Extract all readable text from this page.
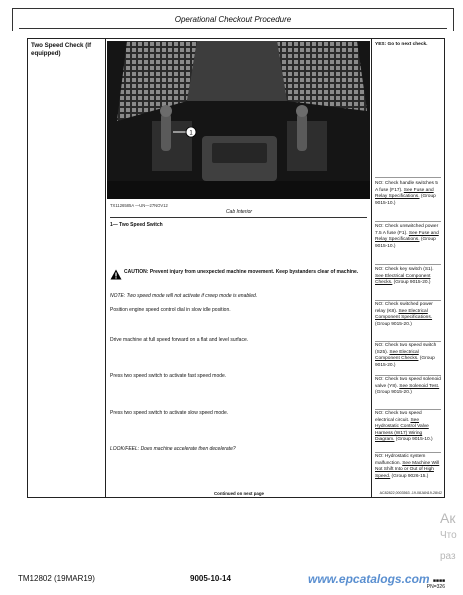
Operational Checkout Procedure
Two Speed Check (If equipped)
1
TX1126585A —UN—27NOV12
Cab Interior
1— Two Speed Switch
CAUTION: Prevent injury from unexpected machine movement. Keep bystanders clear of machine.
NOTE: Two speed mode will not activate if creep mode is enabled.
Position engine speed control dial in slow idle position.
Drive machine at full speed forward on a flat and level surface.
Press two speed switch to activate fast speed mode.
Press two speed switch to activate slow speed mode.
LOOK/FEEL: Does machine accelerate then decelerate?
Continued on next page
YES: Go to next check.
NO: Check handle switches 5 A fuse (F17). See Fuse and Relay Specifications. (Group 9015-10.)
NO: Check unswitched power 7.5 A fuse (F1). See Fuse and Relay Specifications. (Group 9015-10.)
NO: Check key switch (S1). See Electrical Component Checks. (Group 9015-20.)
NO: Check switched power relay (K8). See Electrical Component Specifications. (Group 9015-20.)
NO: Check two speed switch (S25). See Electrical Component Checks. (Group 9015-20.)
NO: Check two speed solenoid valve (Y8). See Solenoid Test. (Group 9015-20.)
NO: Check two speed electrical circuit. See Hydrostatic Control Valve Harness (W17) Wiring Diagram. (Group 9015-10.)
NO: Hydrostatic system malfunction. See Machine Will Not Shift Into or Out of High Speed. (Group 9026-15.)
AC82822,0003563 -19-08JAN19-28/42
Ак
Что
раз
TM12802 (19MAR19)	9005-10-14	www.epcatalogs.com ■■■■
PN=326
